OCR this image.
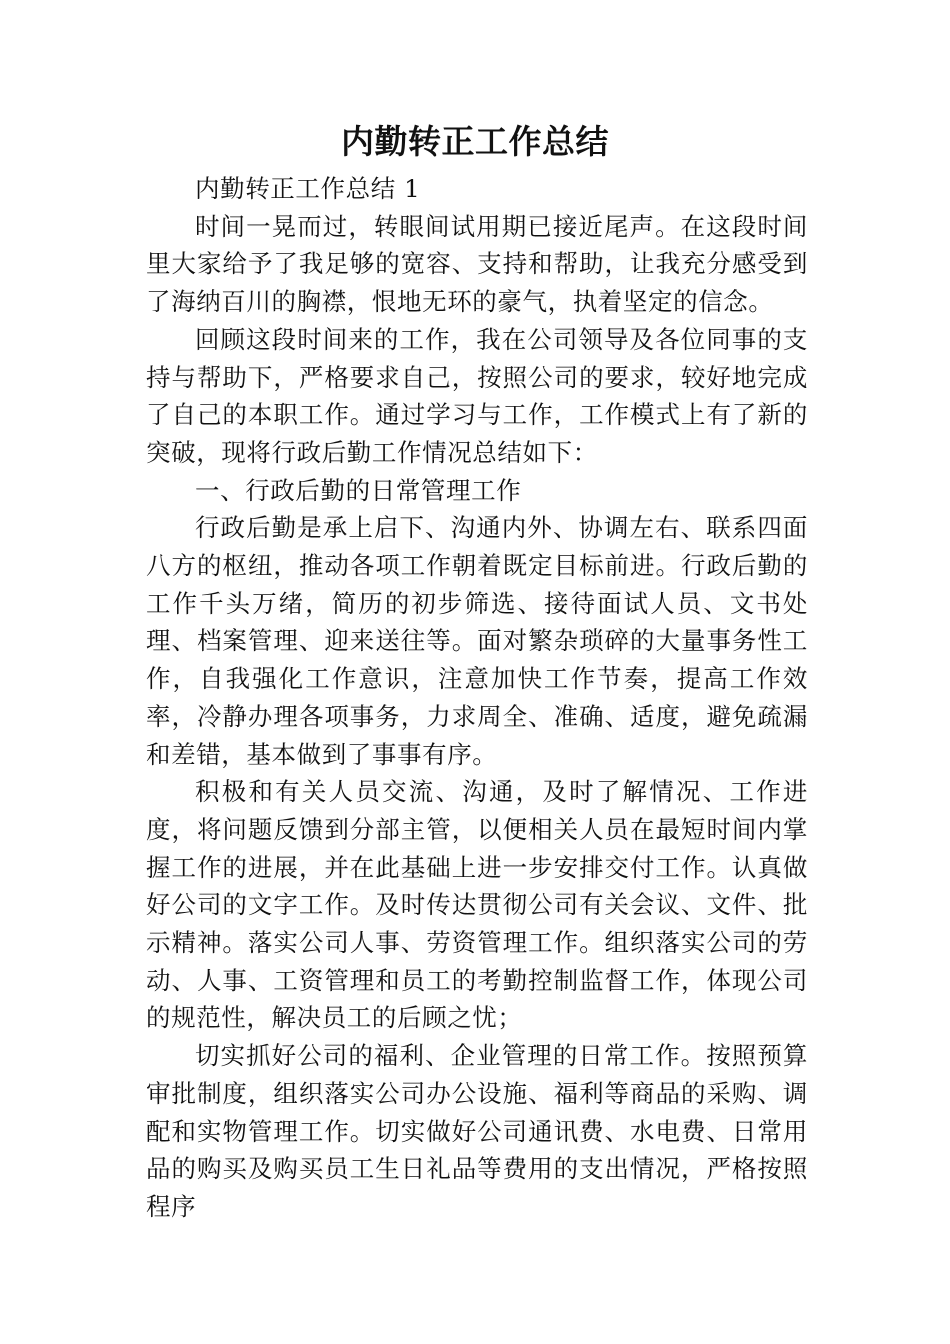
内勤转正工作总结

内勤转正工作总结 1

时间一晃而过，转眼间试用期已接近尾声。在这段时间里大家给予了我足够的宽容、支持和帮助，让我充分感受到了海纳百川的胸襟，恨地无环的豪气，执着坚定的信念。

回顾这段时间来的工作，我在公司领导及各位同事的支持与帮助下，严格要求自己，按照公司的要求，较好地完成了自己的本职工作。通过学习与工作，工作模式上有了新的突破，现将行政后勤工作情况总结如下：

一、行政后勤的日常管理工作

行政后勤是承上启下、沟通内外、协调左右、联系四面八方的枢纽，推动各项工作朝着既定目标前进。行政后勤的工作千头万绪，简历的初步筛选、接待面试人员、文书处理、档案管理、迎来送往等。面对繁杂琐碎的大量事务性工作，自我强化工作意识，注意加快工作节奏，提高工作效率，冷静办理各项事务，力求周全、准确、适度，避免疏漏和差错，基本做到了事事有序。

积极和有关人员交流、沟通，及时了解情况、工作进度，将问题反馈到分部主管，以便相关人员在最短时间内掌握工作的进展，并在此基础上进一步安排交付工作。认真做好公司的文字工作。及时传达贯彻公司有关会议、文件、批示精神。落实公司人事、劳资管理工作。组织落实公司的劳动、人事、工资管理和员工的考勤控制监督工作，体现公司的规范性，解决员工的后顾之忧；

切实抓好公司的福利、企业管理的日常工作。按照预算审批制度，组织落实公司办公设施、福利等商品的采购、调配和实物管理工作。切实做好公司通讯费、水电费、日常用品的购买及购买员工生日礼品等费用的支出情况，严格按照程序
